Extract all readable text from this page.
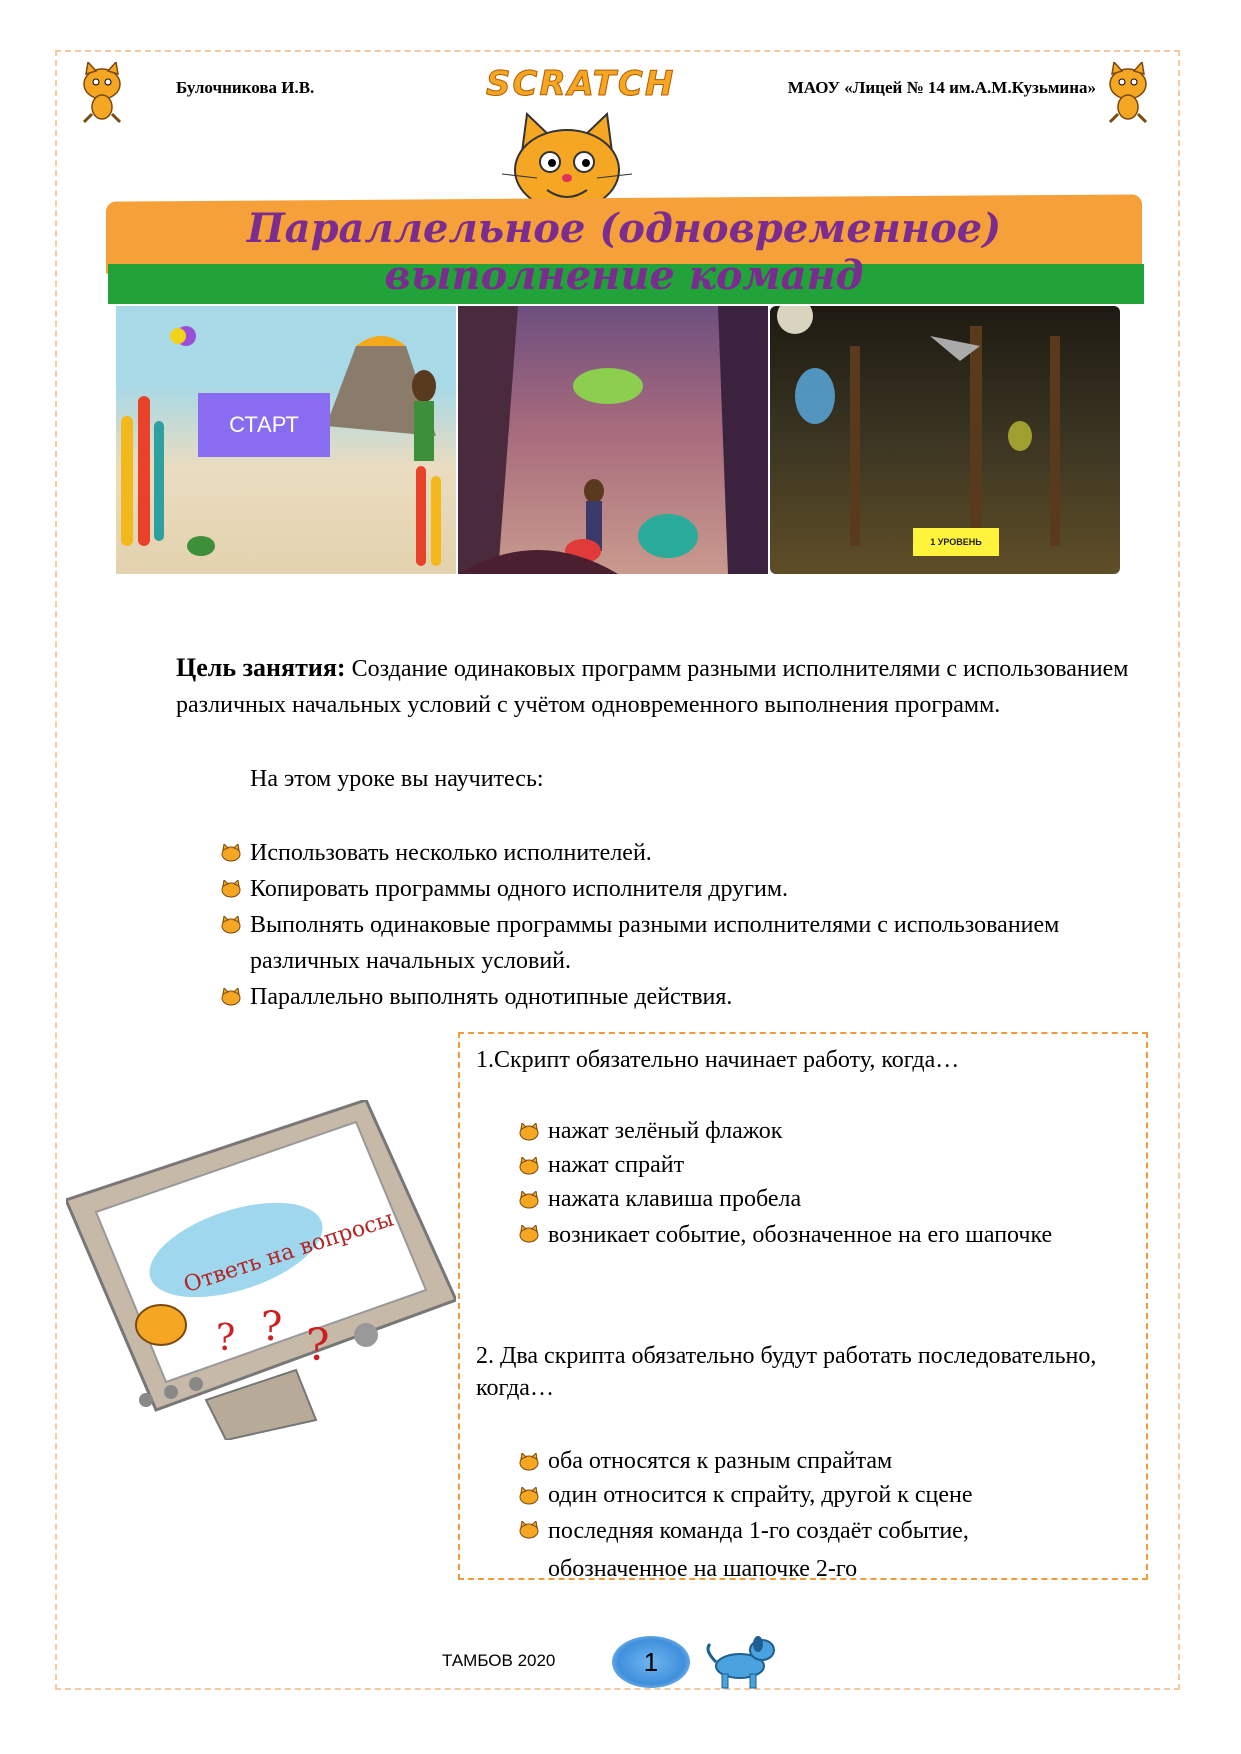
Булочникова И.В.	SCRATCH	МАОУ «Лицей № 14 им.А.М.Кузьмина»
Параллельное (одновременное) выполнение команд
СТАРТ
1 УРОВЕНЬ
Цель занятия: Создание одинаковых программ разными исполнителями с использованием различных начальных условий с учётом одновременного выполнения программ.
На этом уроке вы научитесь:
Использовать несколько исполнителей.
Копировать программы одного исполнителя другим.
Выполнять одинаковые программы разными исполнителями с использованием различных начальных условий.
Параллельно выполнять однотипные действия.
Ответь на вопросы
?
?
?
1.Скрипт обязательно начинает работу, когда…
нажат зелёный флажок
нажат спрайт
нажата клавиша пробела
возникает событие, обозначенное на его шапочке
2. Два скрипта обязательно будут работать последовательно, когда…
оба относятся к разным спрайтам
один относится к спрайту, другой к сцене
последняя команда 1-го создаёт событие, обозначенное на шапочке 2-го
ТАМБОВ 2020	1
